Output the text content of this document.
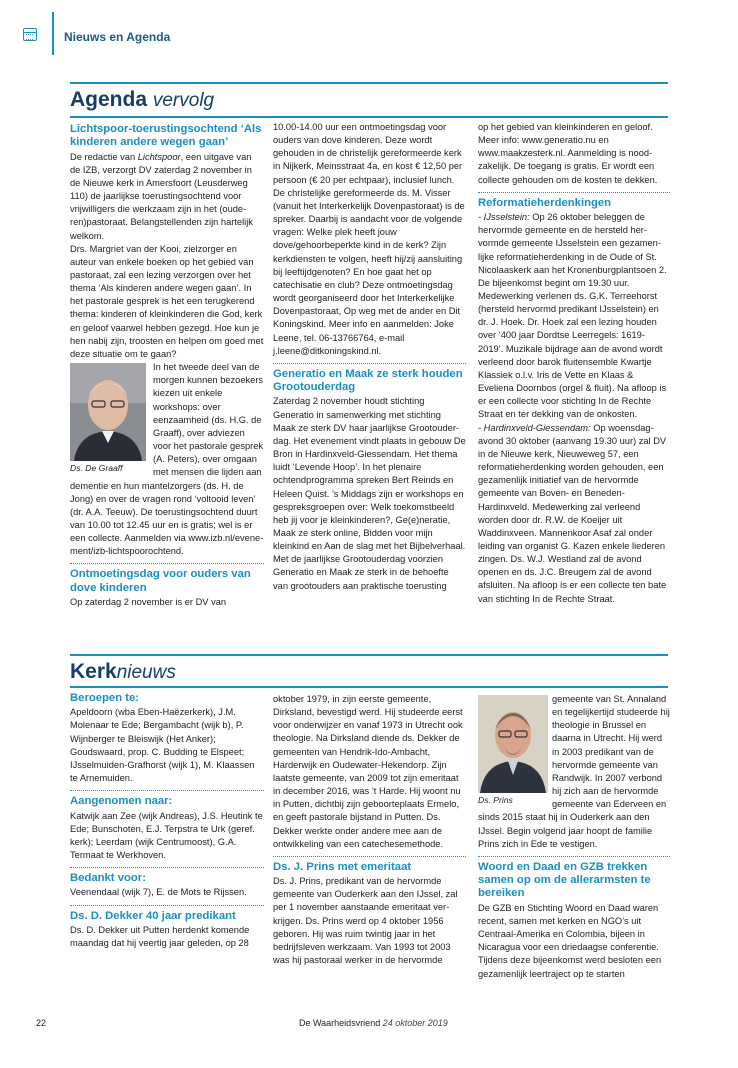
Nieuws en Agenda
Agenda vervolg
Lichtspoor-toerustingsochtend ‘Als kinderen andere wegen gaan’

De redactie van Lichtspoor, een uitgave van de IZB, verzorgt DV zaterdag 2 november in de Nieuwe kerk in Amersfoort (Leusderweg 110) de jaarlijkse toerustingsochtend voor vrijwilligers die werkzaam zijn in het (ouderen)pastoraat. Belangstellenden zijn hartelijk welkom.

Drs. Margriet van der Kooi, zielzorger en auteur van enkele boeken op het gebied van pastoraat, zal een lezing verzorgen over het thema ‘Als kinderen andere wegen gaan’. In het pastorale gesprek is het een terugkerend thema: kinderen of kleinkinderen die God, kerk en geloof vaarwel hebben gezegd. Hoe kun je hen nabij zijn, troosten en helpen om goed met deze situatie om te gaan?

Ds. De Graaff

In het tweede deel van de morgen kunnen bezoekers kiezen uit enkele workshops: over eenzaamheid (ds. H.G. de Graaff), over adviezen voor het pastorale gesprek (A. Peters), over omgaan met mensen die lijden aan dementie en hun mantelzorgers (ds. H. de Jong) en over de vragen rond ‘voltooid leven’ (dr. A.A. Teeuw). De toerustingsochtend duurt van 10.00 tot 12.45 uur en is gratis; wel is er een collecte. Aanmelden via www.izb.nl/evenement/izb-lichtspoorochtend.

Ontmoetingsdag voor ouders van dove kinderen

Op zaterdag 2 november is er DV van

10.00-14.00 uur een ontmoetingsdag voor ouders van dove kinderen. Deze wordt gehouden in de christelijk gereformeerde kerk in Nijkerk, Meinsstraat 4a, en kost € 12,50 per persoon (€ 20 per echtpaar), inclusief lunch. De christelijke gereformeerde ds. M. Visser (vanuit het Interkerkelijk Dovenpastoraat) is de spreker. Daarbij is aandacht voor de volgende vragen: Welke plek heeft jouw dove/gehoorbeperkte kind in de kerk? Zijn kerkdiensten te volgen, heeft hij/zij aansluiting bij leeftijdgenoten? En hoe gaat het op catechisatie en club? Deze ontmoetingsdag wordt georganiseerd door het Interkerkelijke Dovenpastoraat, Op weg met de ander en Dit Koningskind. Meer info en aanmelden: Joke Leene, tel. 06-13766764, e-mail j.leene@ditkoningskind.nl.

Generatio en Maak ze sterk houden Grootouderdag

Zaterdag 2 november houdt stichting Generatio in samenwerking met stichting Maak ze sterk DV haar jaarlijkse Grootouderdag. Het evenement vindt plaats in gebouw De Bron in Hardinxveld-Giessendam. Het thema luidt ‘Levende Hoop’. In het plenaire ochtendprogramma spreken Bert Reinds en Heleen Quist. ’s Middags zijn er workshops en gespreksgroepen over: Welk toekomstbeeld heb jij voor je kleinkinderen?, Ge(e)neratie, Maak ze sterk online, Bidden voor mijn kleinkind en Aan de slag met het Bijbelverhaal.

Met de jaarlijkse Grootouderdag voorzien Generatio en Maak ze sterk in de behoefte van grootouders aan praktische toerusting

op het gebied van kleinkinderen en geloof. Meer info: www.generatio.nu en www.maakzesterk.nl. Aanmelding is noodzakelijk. De toegang is gratis. Er wordt een collecte gehouden om de kosten te dekken.

Reformatieherdenkingen

- IJsselstein: Op 26 oktober beleggen de hervormde gemeente en de hersteld hervormde gemeente IJsselstein een gezamenlijke reformatieherdenking in de Oude of St. Nicolaaskerk aan het Kronenburgplantsoen 2. De bijeenkomst begint om 19.30 uur. Medewerking verlenen ds. G.K. Terreehorst (hersteld hervormd predikant IJsselstein) en dr. J. Hoek. Dr. Hoek zal een lezing houden over ‘400 jaar Dordtse Leerregels: 1619-2019’. Muzikale bijdrage aan de avond wordt verleend door barok fluitensemble Kwartje Klassiek o.l.v. Iris de Vette en Klaas & Eveliena Doornbos (orgel & fluit). Na afloop is er een collecte voor stichting In de Rechte Straat en ter dekking van de onkosten.

- Hardinxveld-Giessendam: Op woensdagavond 30 oktober (aanvang 19.30 uur) zal DV in de Nieuwe kerk, Nieuweweg 57, een reformatieherdenking worden gehouden, een gezamenlijk initiatief van de hervormde gemeente van Boven- en Beneden-Hardinxveld. Medewerking zal verleend worden door dr. R.W. de Koeijer uit Waddinxveen. Mannenkoor Asaf zal onder leiding van organist G. Kazen enkele liederen zingen. Ds. W.J. Westland zal de avond openen en ds. J.C. Breugem zal de avond afsluiten. Na afloop is er een collecte ten bate van stichting In de Rechte Straat.

Kerknieuws
Beroepen te:

Apeldoorn (wba Eben-Haëzerkerk), J.M. Molenaar te Ede; Bergambacht (wijk b), P. Wijnberger te Bleiswijk (Het Anker); Goudswaard, prop. C. Budding te Elspeet; IJsselmuiden-Grafhorst (wijk 1), M. Klaassen te Arnemuiden.

Aangenomen naar:

Katwijk aan Zee (wijk Andreas), J.S. Heutink te Ede; Bunschoten, E.J. Terpstra te Urk (geref. kerk); Leerdam (wijk Centrumoost), G.A. Termaat te Werkhoven.

Bedankt voor:

Veenendaal (wijk 7), E. de Mots te Rijssen.

Ds. D. Dekker 40 jaar predikant

Ds. D. Dekker uit Putten herdenkt komende maandag dat hij veertig jaar geleden, op 28

oktober 1979, in zijn eerste gemeente, Dirksland, bevestigd werd. Hij studeerde eerst voor onderwijzer en vanaf 1973 in Utrecht ook theologie. Na Dirksland diende ds. Dekker de gemeenten van Hendrik-Ido-Ambacht, Harderwijk en Oudewater-Hekendorp. Zijn laatste gemeente, van 2009 tot zijn emeritaat in december 2016, was ’t Harde. Hij woont nu in Putten, dichtbij zijn geboorteplaats Ermelo, en geeft pastorale bijstand in Putten. Ds. Dekker werkte onder andere mee aan de ontwikkeling van een catechesemethode.

Ds. J. Prins met emeritaat

Ds. J. Prins, predikant van de hervormde gemeente van Ouderkerk aan den IJssel, zal per 1 november aanstaande emeritaat verkrijgen. Ds. Prins werd op 4 oktober 1956 geboren. Hij was ruim twintig jaar in het bedrijfsleven werkzaam. Van 1993 tot 2003 was hij pastoraal werker in de hervormde

Ds. Prins

gemeente van St. Annaland en tegelijkertijd studeerde hij theologie in Brussel en daarna in Utrecht. Hij werd in 2003 predikant van de hervormde gemeente van Randwijk. In 2007 verbond hij zich aan de hervormde gemeente van Ederveen en sinds 2015 staat hij in Ouderkerk aan den IJssel. Begin volgend jaar hoopt de familie Prins zich in Ede te vestigen.

Woord en Daad en GZB trekken samen op om de allerarmsten te bereiken

De GZB en Stichting Woord en Daad waren recent, samen met kerken en NGO’s uit Centraal-Amerika en Colombia, bijeen in Nicaragua voor een driedaagse conferentie. Tijdens deze bijeenkomst werd besloten een gezamenlijk leertraject op te starten

22	De Waarheidsvriend 24 oktober 2019
